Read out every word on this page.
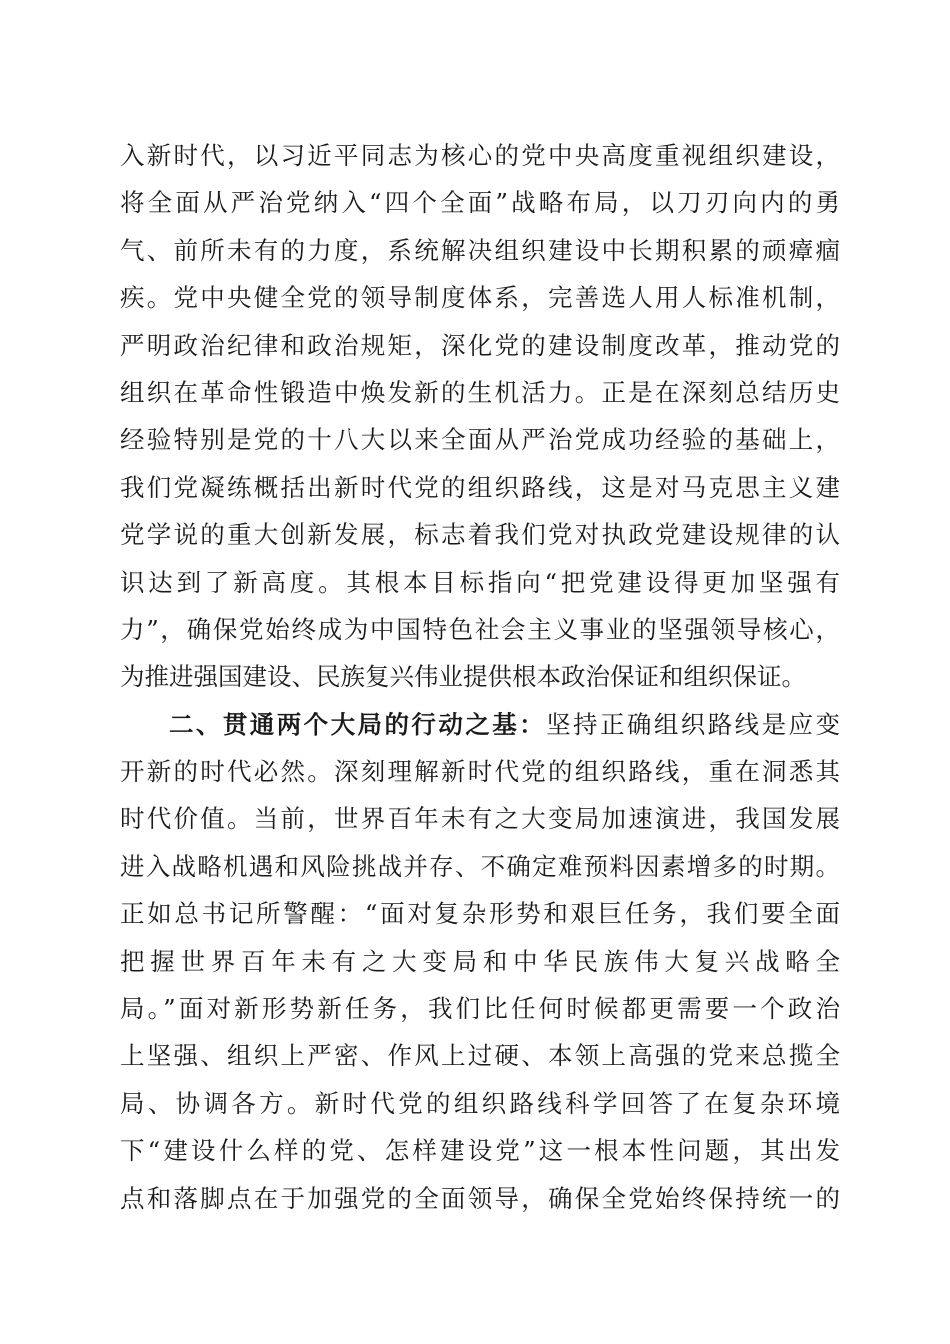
入新时代，以习近平同志为核心的党中央高度重视组织建设，
将全面从严治党纳入“四个全面”战略布局，以刀刃向内的勇
气、前所未有的力度，系统解决组织建设中长期积累的顽瘴痼
疾。党中央健全党的领导制度体系，完善选人用人标准机制，
严明政治纪律和政治规矩，深化党的建设制度改革，推动党的
组织在革命性锻造中焕发新的生机活力。正是在深刻总结历史
经验特别是党的十八大以来全面从严治党成功经验的基础上，
我们党凝练概括出新时代党的组织路线，这是对马克思主义建
党学说的重大创新发展，标志着我们党对执政党建设规律的认
识达到了新高度。其根本目标指向“把党建设得更加坚强有
力”，确保党始终成为中国特色社会主义事业的坚强领导核心，
为推进强国建设、民族复兴伟业提供根本政治保证和组织保证。
二、贯通两个大局的行动之基：坚持正确组织路线是应变
开新的时代必然。深刻理解新时代党的组织路线，重在洞悉其
时代价值。当前，世界百年未有之大变局加速演进，我国发展
进入战略机遇和风险挑战并存、不确定难预料因素增多的时期。
正如总书记所警醒：“面对复杂形势和艰巨任务，我们要全面
把握世界百年未有之大变局和中华民族伟大复兴战略全
局。”面对新形势新任务，我们比任何时候都更需要一个政治
上坚强、组织上严密、作风上过硬、本领上高强的党来总揽全
局、协调各方。新时代党的组织路线科学回答了在复杂环境
下“建设什么样的党、怎样建设党”这一根本性问题，其出发
点和落脚点在于加强党的全面领导，确保全党始终保持统一的
